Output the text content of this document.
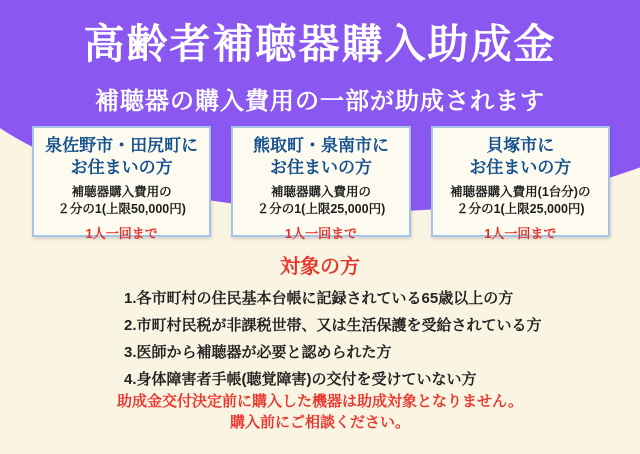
高齢者補聴器購入助成金
補聴器の購入費用の一部が助成されます
泉佐野市・田尻町に
お住まいの方
補聴器購入費用の
２分の1(上限50,000円)
1人一回まで
熊取町・泉南市に
お住まいの方
補聴器購入費用の
２分の1(上限25,000円)
1人一回まで
貝塚市に
お住まいの方
補聴器購入費用(1台分)の
２分の1(上限25,000円)
1人一回まで
対象の方
1.各市町村の住民基本台帳に記録されている65歳以上の方
2.市町村民税が非課税世帯、又は生活保護を受給されている方
3.医師から補聴器が必要と認められた方
4.身体障害者手帳(聴覚障害)の交付を受けていない方
助成金交付決定前に購入した機器は助成対象となりません。
購入前にご相談ください。
